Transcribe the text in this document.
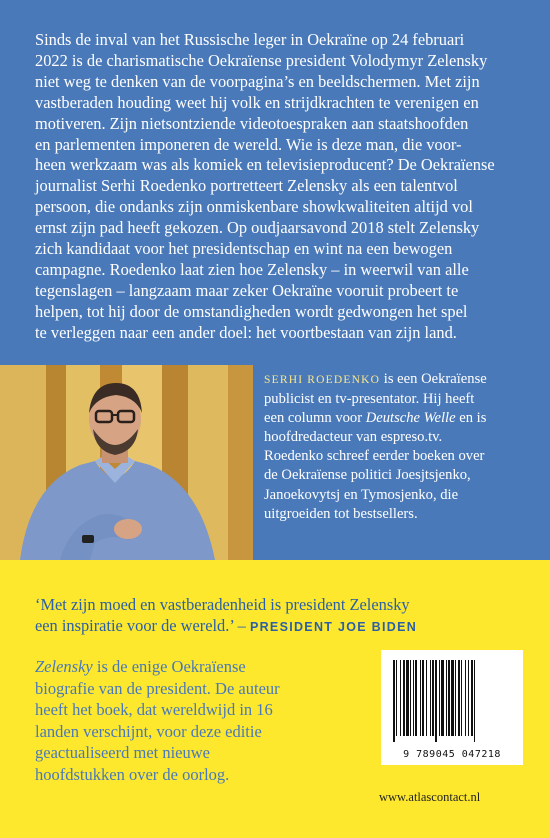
Sinds de inval van het Russische leger in Oekraïne op 24 februari
2022 is de charismatische Oekraïense president Volodymyr Zelensky
niet weg te denken van de voorpagina’s en beeldschermen. Met zijn
vastberaden houding weet hij volk en strijdkrachten te verenigen en
motiveren. Zijn nietsontziende videotoespraken aan staatshoofden
en parlementen imponeren de wereld. Wie is deze man, die voor-
heen werkzaam was als komiek en televisieproducent? De Oekraïense
journalist Serhi Roedenko portretteert Zelensky als een talentvol
persoon, die ondanks zijn onmiskenbare showkwaliteiten altijd vol
ernst zijn pad heeft gekozen. Op oudjaarsavond 2018 stelt Zelensky
zich kandidaat voor het presidentschap en wint na een bewogen
campagne. Roedenko laat zien hoe Zelensky – in weerwil van alle
tegenslagen – langzaam maar zeker Oekraïne vooruit probeert te
helpen, tot hij door de omstandigheden wordt gedwongen het spel
te verleggen naar een ander doel: het voortbestaan van zijn land.

SERHI ROEDENKO is een Oekraïense
publicist en tv-presentator. Hij heeft
een column voor Deutsche Welle en is
hoofdredacteur van espreso.tv.
Roedenko schreef eerder boeken over
de Oekraïense politici Joesjtsjenko,
Janoekovytsj en Tymosjenko, die
uitgroeiden tot bestsellers.

‘Met zijn moed en vastberadenheid is president Zelensky
een inspiratie voor de wereld.’ – PRESIDENT JOE BIDEN

Zelensky is de enige Oekraïense
biografie van de president. De auteur
heeft het boek, dat wereldwijd in 16
landen verschijnt, voor deze editie
geactualiseerd met nieuwe
hoofdstukken over de oorlog.

9 789045 047218
www.atlascontact.nl
